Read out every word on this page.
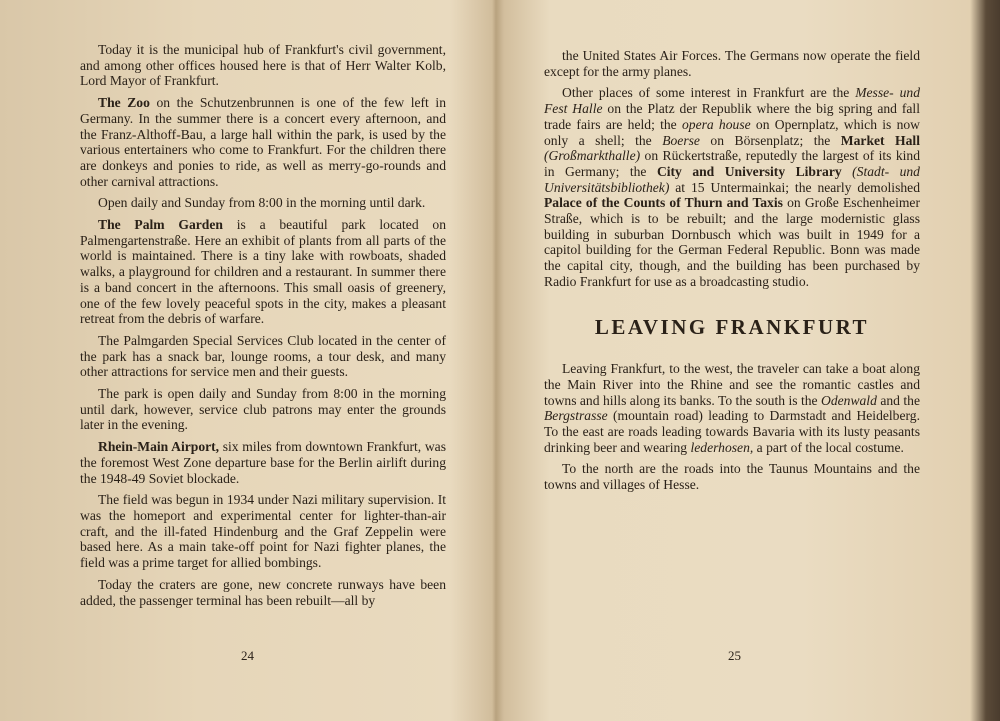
Today it is the municipal hub of Frankfurt's civil government, and among other offices housed here is that of Herr Walter Kolb, Lord Mayor of Frankfurt.

The Zoo on the Schutzenbrunnen is one of the few left in Germany. In the summer there is a concert every afternoon, and the Franz-Althoff-Bau, a large hall within the park, is used by the various entertainers who come to Frankfurt. For the children there are donkeys and ponies to ride, as well as merry-go-rounds and other carnival attractions.

Open daily and Sunday from 8:00 in the morning until dark.

The Palm Garden is a beautiful park located on Palmengartenstraße. Here an exhibit of plants from all parts of the world is maintained. There is a tiny lake with rowboats, shaded walks, a playground for children and a restaurant. In summer there is a band concert in the afternoons. This small oasis of greenery, one of the few lovely peaceful spots in the city, makes a pleasant retreat from the debris of warfare.

The Palmgarden Special Services Club located in the center of the park has a snack bar, lounge rooms, a tour desk, and many other attractions for service men and their guests.

The park is open daily and Sunday from 8:00 in the morning until dark, however, service club patrons may enter the grounds later in the evening.

Rhein-Main Airport, six miles from downtown Frankfurt, was the foremost West Zone departure base for the Berlin airlift during the 1948-49 Soviet blockade.

The field was begun in 1934 under Nazi military supervision. It was the homeport and experimental center for lighter-than-air craft, and the ill-fated Hindenburg and the Graf Zeppelin were based here. As a main take-off point for Nazi fighter planes, the field was a prime target for allied bombings.

Today the craters are gone, new concrete runways have been added, the passenger terminal has been rebuilt—all by

24

the United States Air Forces. The Germans now operate the field except for the army planes.

Other places of some interest in Frankfurt are the Messe- und Fest Halle on the Platz der Republik where the big spring and fall trade fairs are held; the opera house on Opernplatz, which is now only a shell; the Boerse on Börsenplatz; the Market Hall (Großmarkthalle) on Rückertstraße, reputedly the largest of its kind in Germany; the City and University Library (Stadt- und Universitätsbibliothek) at 15 Untermainkai; the nearly demolished Palace of the Counts of Thurn and Taxis on Große Eschenheimer Straße, which is to be rebuilt; and the large modernistic glass building in suburban Dornbusch which was built in 1949 for a capitol building for the German Federal Republic. Bonn was made the capital city, though, and the building has been purchased by Radio Frankfurt for use as a broadcasting studio.

LEAVING FRANKFURT

Leaving Frankfurt, to the west, the traveler can take a boat along the Main River into the Rhine and see the romantic castles and towns and hills along its banks. To the south is the Odenwald and the Bergstrasse (mountain road) leading to Darmstadt and Heidelberg. To the east are roads leading towards Bavaria with its lusty peasants drinking beer and wearing lederhosen, a part of the local costume.

To the north are the roads into the Taunus Mountains and the towns and villages of Hesse.

25
